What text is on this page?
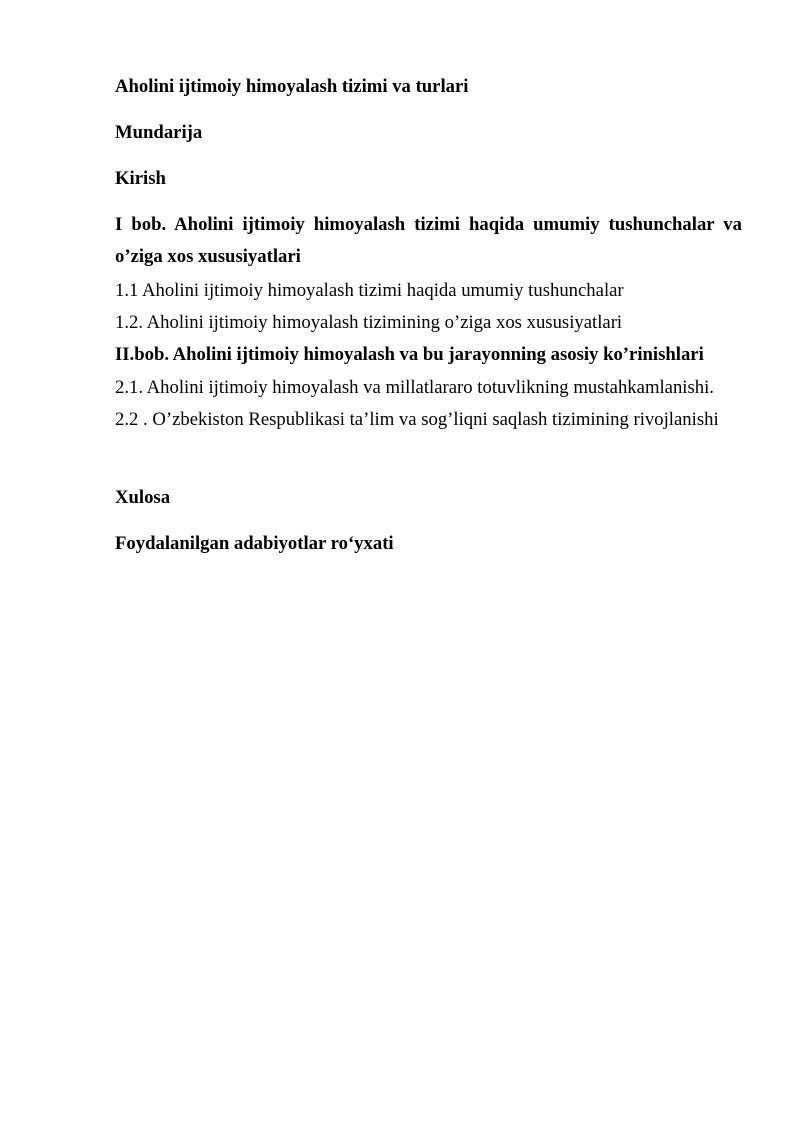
Aholini ijtimoiy himoyalash tizimi va turlari

Mundarija

Kirish

I bob. Aholini ijtimoiy himoyalash tizimi haqida umumiy tushunchalar va

o’ziga xos xususiyatlari

1.1 Aholini ijtimoiy himoyalash tizimi haqida umumiy tushunchalar

1.2. Aholini ijtimoiy himoyalash tizimining o’ziga xos xususiyatlari

II.bob. Aholini ijtimoiy himoyalash va bu jarayonning asosiy ko’rinishlari

2.1. Aholini ijtimoiy himoyalash va millatlararo totuvlikning mustahkamlanishi.

2.2 . O’zbekiston Respublikasi ta’lim va sog’liqni saqlash tizimining rivojlanishi

Xulosa

Foydalanilgan adabiyotlar ro‘yxati
